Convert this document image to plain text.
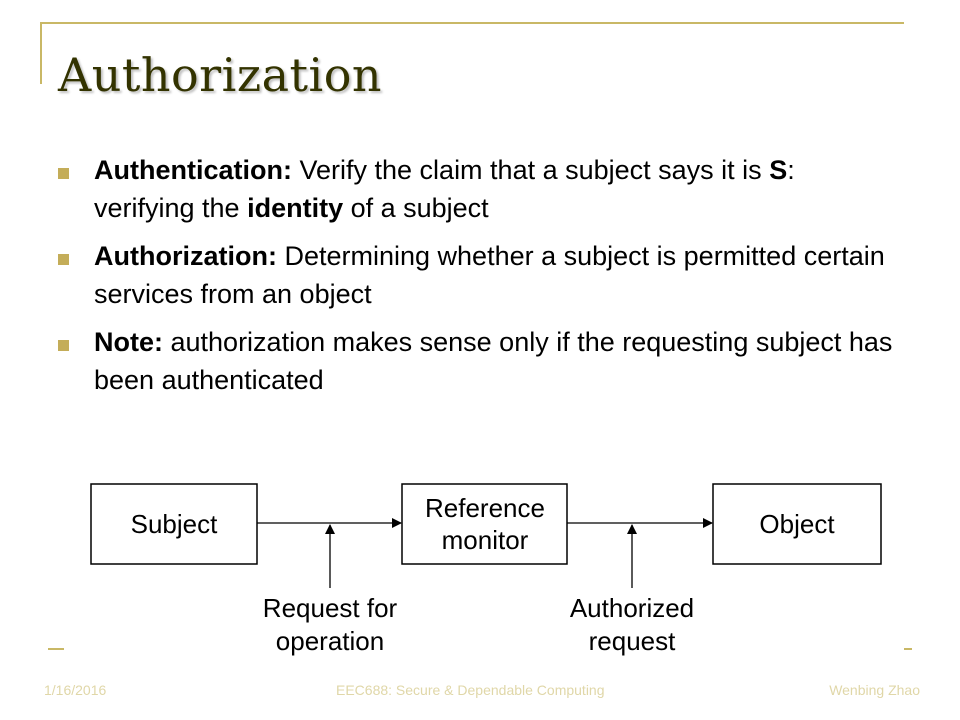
Authorization
Authentication: Verify the claim that a subject says it is S: verifying the identity of a subject
Authorization: Determining whether a subject is permitted certain services from an object
Note: authorization makes sense only if the requesting subject has been authenticated
Subject
Reference
monitor
Object
Request for
operation
Authorized
request
1/16/2016	EEC688: Secure & Dependable Computing	Wenbing Zhao
